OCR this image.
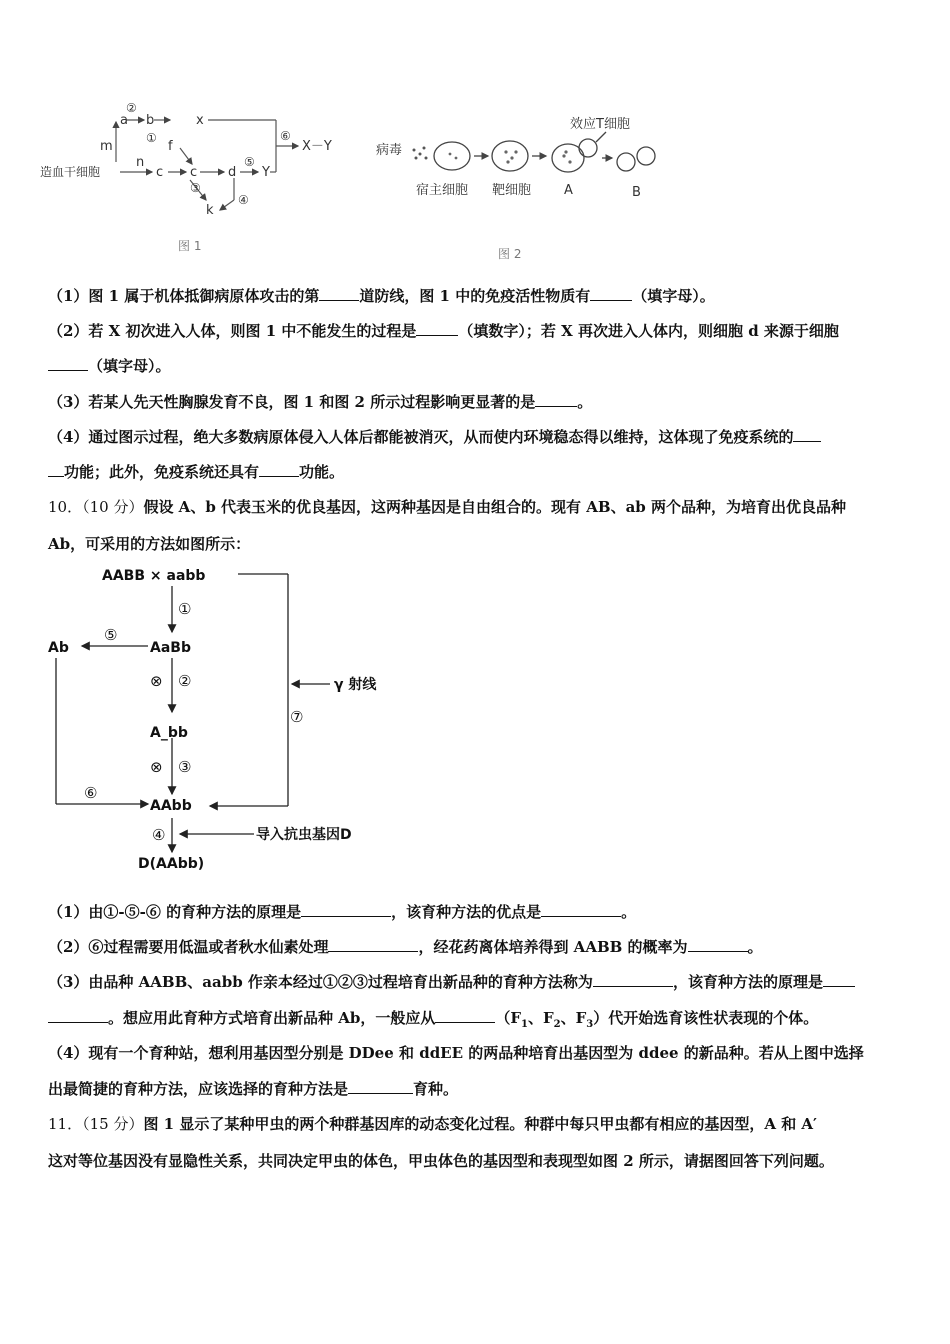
造血干细胞
a b	x
m
n
c c
f
d Y
k
②
①
③
⑤
④
⑥
X－Y
图 1
病毒
效应T细胞
宿主细胞 靶细胞	A	B
图 2
（1）图 1 属于机体抵御病原体攻击的第	道防线，图 1 中的免疫活性物质有	（填字母）。
（2）若 X 初次进入人体，则图 1 中不能发生的过程是	（填数字）；若 X 再次进入人体内，则细胞 d 来源于细胞
（填字母）。
（3）若某人先天性胸腺发育不良，图 1 和图 2 所示过程影响更显著的是	。
（4）通过图示过程，绝大多数病原体侵入人体后都能被消灭，从而使内环境稳态得以维持，这体现了免疫系统的
功能；此外，免疫系统还具有	功能。
10．（10 分）假设 A、b 代表玉米的优良基因，这两种基因是自由组合的。现有 AB、ab 两个品种，为培育出优良品种
Ab，可采用的方法如图所示：
AABB × aabb
AaBb
A_bb
AAbb
Ab
D(AAbb)
γ 射线
导入抗虫基因D
①
②
③
④
⑤
⑥
⑦
⊗
⊗
（1）由①-⑤-⑥ 的育种方法的原理是	，该育种方法的优点是	。
（2）⑥过程需要用低温或者秋水仙素处理	，经花药离体培养得到 AABB 的概率为	。
（3）由品种 AABB、aabb 作亲本经过①②③过程培育出新品种的育种方法称为	，该育种方法的原理是
。想应用此育种方式培育出新品种 Ab，一般应从	（$F_1$、$F_2$、$F_3$）代开始选育该性状表现的个体。
（4）现有一个育种站，想利用基因型分别是 DDee 和 ddEE 的两品种培育出基因型为 ddee 的新品种。若从上图中选择
出最简捷的育种方法，应该选择的育种方法是	育种。
11．（15 分）图 1 显示了某种甲虫的两个种群基因库的动态变化过程。种群中每只甲虫都有相应的基因型，A 和 A′
这对等位基因没有显隐性关系，共同决定甲虫的体色，甲虫体色的基因型和表现型如图 2 所示，请据图回答下列问题。
